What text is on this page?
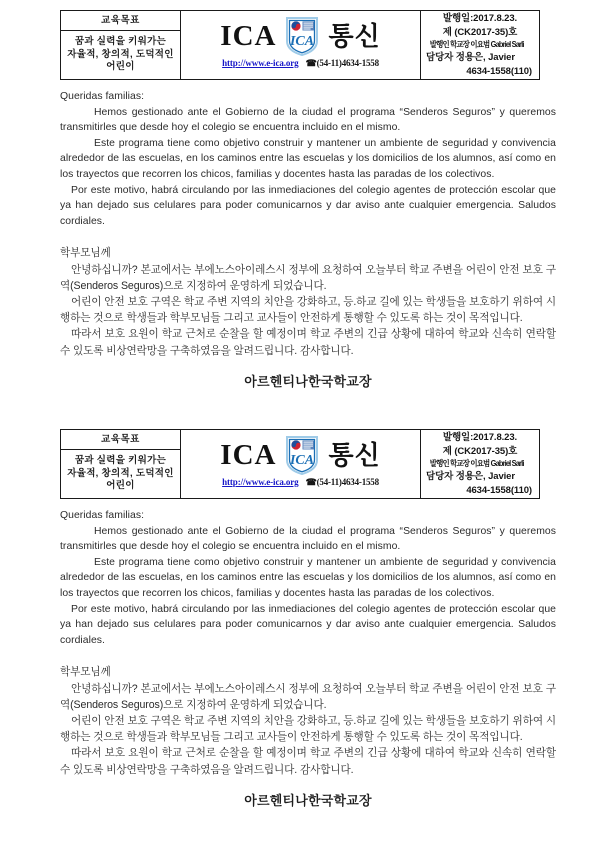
교육목표
꿈과 실력을 키워가는
자율적, 창의적, 도덕적인
어린이
ICA ICA 통신
http://www.e-ica.org ☎(54-11)4634-1558
발행일:2017.8.23.
제 (CK2017-35)호
발행인 학교장 이요범 Gabriel Sarli
담당자 정용은, Javier
4634-1558(110)

Queridas familias:

Hemos gestionado ante el Gobierno de la ciudad el programa “Senderos Seguros” y queremos transmitirles que desde hoy el colegio se encuentra incluido en el mismo.

Este programa tiene como objetivo construir y mantener un ambiente de seguridad y convivencia alrededor de las escuelas, en los caminos entre las escuelas y los domicilios de los alumnos, así como en los trayectos que recorren los chicos, familias y docentes hasta las paradas de los colectivos.

Por este motivo, habrá circulando por las inmediaciones del colegio agentes de protección escolar que ya han dejado sus celulares para poder comunicarnos y dar aviso ante cualquier emergencia. Saludos cordiales.

학부모님께

안녕하십니까? 본교에서는 부에노스아이레스시 정부에 요청하여 오늘부터 학교 주변을 어린이 안전 보호 구역(Senderos Seguros)으로 지정하여 운영하게 되었습니다.

어린이 안전 보호 구역은 학교 주변 지역의 치안을 강화하고, 등.하교 길에 있는 학생들을 보호하기 위하여 시행하는 것으로 학생들과 학부모님들 그리고 교사들이 안전하게 통행할 수 있도록 하는 것이 목적입니다.

따라서 보호 요원이 학교 근처로 순찰을 할 예정이며 학교 주변의 긴급 상황에 대하여 학교와 신속히 연락할 수 있도록 비상연락망을 구축하였음을 알려드립니다. 감사합니다.

아르헨티나한국학교장
교육목표
꿈과 실력을 키워가는
자율적, 창의적, 도덕적인
어린이
ICA ICA 통신
http://www.e-ica.org ☎(54-11)4634-1558
발행일:2017.8.23.
제 (CK2017-35)호
발행인 학교장 이요범 Gabriel Sarli
담당자 정용은, Javier
4634-1558(110)

Queridas familias:

Hemos gestionado ante el Gobierno de la ciudad el programa “Senderos Seguros” y queremos transmitirles que desde hoy el colegio se encuentra incluido en el mismo.

Este programa tiene como objetivo construir y mantener un ambiente de seguridad y convivencia alrededor de las escuelas, en los caminos entre las escuelas y los domicilios de los alumnos, así como en los trayectos que recorren los chicos, familias y docentes hasta las paradas de los colectivos.

Por este motivo, habrá circulando por las inmediaciones del colegio agentes de protección escolar que ya han dejado sus celulares para poder comunicarnos y dar aviso ante cualquier emergencia. Saludos cordiales.

학부모님께

안녕하십니까? 본교에서는 부에노스아이레스시 정부에 요청하여 오늘부터 학교 주변을 어린이 안전 보호 구역(Senderos Seguros)으로 지정하여 운영하게 되었습니다.

어린이 안전 보호 구역은 학교 주변 지역의 치안을 강화하고, 등.하교 길에 있는 학생들을 보호하기 위하여 시행하는 것으로 학생들과 학부모님들 그리고 교사들이 안전하게 통행할 수 있도록 하는 것이 목적입니다.

따라서 보호 요원이 학교 근처로 순찰을 할 예정이며 학교 주변의 긴급 상황에 대하여 학교와 신속히 연락할 수 있도록 비상연락망을 구축하였음을 알려드립니다. 감사합니다.

아르헨티나한국학교장
